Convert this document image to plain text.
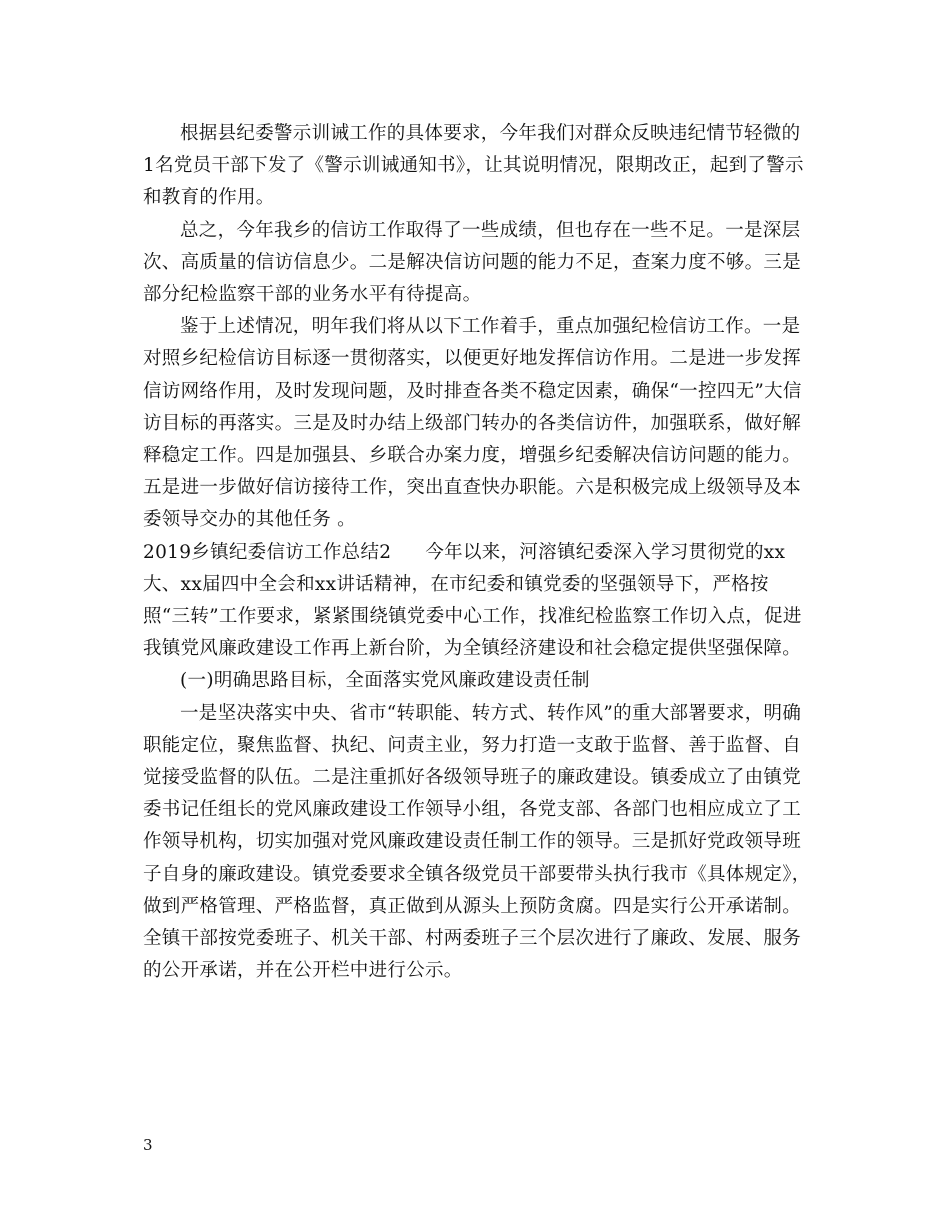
根据县纪委警示训诫工作的具体要求，今年我们对群众反映违纪情节轻微的1名党员干部下发了《警示训诫通知书》，让其说明情况，限期改正，起到了警示和教育的作用。

总之，今年我乡的信访工作取得了一些成绩，但也存在一些不足。一是深层次、高质量的信访信息少。二是解决信访问题的能力不足，查案力度不够。三是部分纪检监察干部的业务水平有待提高。

鉴于上述情况，明年我们将从以下工作着手，重点加强纪检信访工作。一是对照乡纪检信访目标逐一贯彻落实，以便更好地发挥信访作用。二是进一步发挥信访网络作用，及时发现问题，及时排查各类不稳定因素，确保“一控四无”大信访目标的再落实。三是及时办结上级部门转办的各类信访件，加强联系，做好解释稳定工作。四是加强县、乡联合办案力度，增强乡纪委解决信访问题的能力。五是进一步做好信访接待工作，突出直查快办职能。六是积极完成上级领导及本委领导交办的其他任务 。

2019乡镇纪委信访工作总结2 今年以来，河溶镇纪委深入学习贯彻党的xx大、xx届四中全会和xx讲话精神，在市纪委和镇党委的坚强领导下，严格按照“三转”工作要求，紧紧围绕镇党委中心工作，找准纪检监察工作切入点，促进我镇党风廉政建设工作再上新台阶，为全镇经济建设和社会稳定提供坚强保障。

(一)明确思路目标，全面落实党风廉政建设责任制

一是坚决落实中央、省市“转职能、转方式、转作风”的重大部署要求，明确职能定位，聚焦监督、执纪、问责主业，努力打造一支敢于监督、善于监督、自觉接受监督的队伍。二是注重抓好各级领导班子的廉政建设。镇委成立了由镇党委书记任组长的党风廉政建设工作领导小组，各党支部、各部门也相应成立了工作领导机构，切实加强对党风廉政建设责任制工作的领导。三是抓好党政领导班子自身的廉政建设。镇党委要求全镇各级党员干部要带头执行我市《具体规定》，做到严格管理、严格监督，真正做到从源头上预防贪腐。四是实行公开承诺制。全镇干部按党委班子、机关干部、村两委班子三个层次进行了廉政、发展、服务的公开承诺，并在公开栏中进行公示。

3
